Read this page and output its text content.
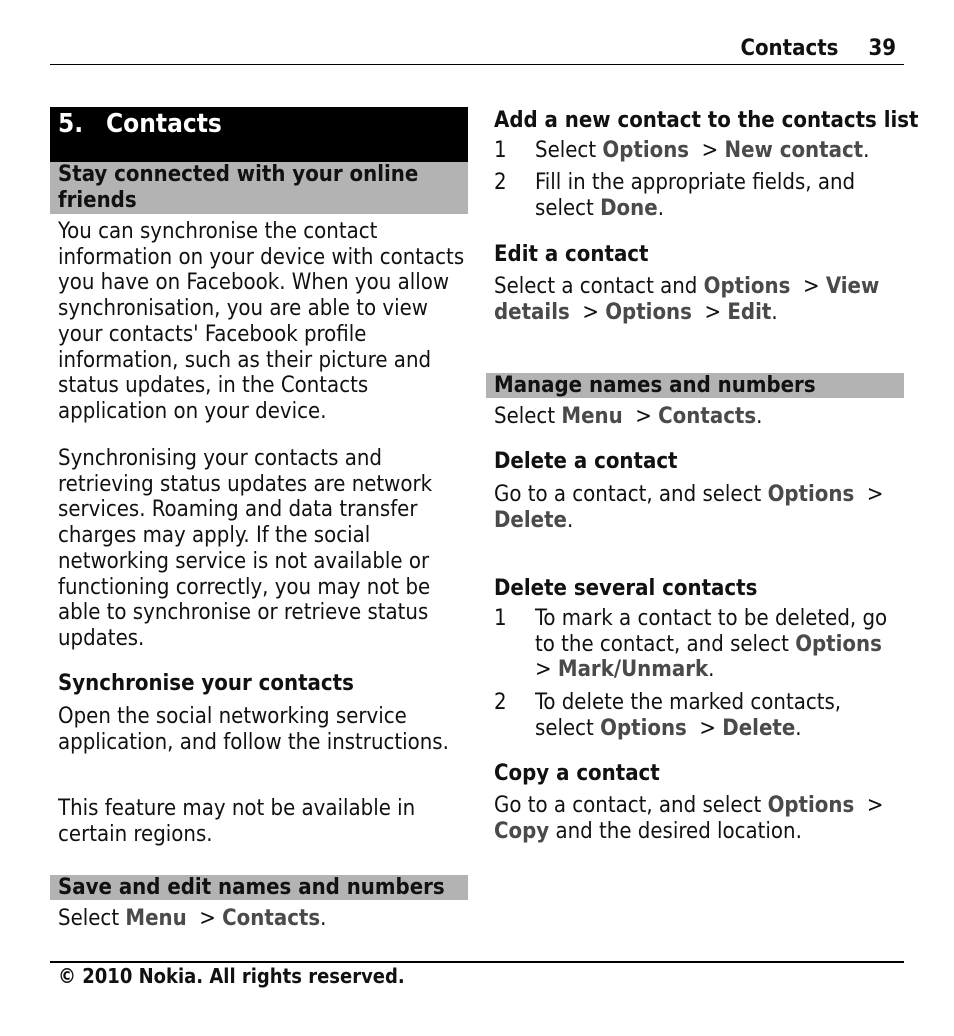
Contacts 39
5. Contacts
Stay connected with your online friends
You can synchronise the contact information on your device with contacts you have on Facebook. When you allow synchronisation, you are able to view your contacts' Facebook profile information, such as their picture and status updates, in the Contacts application on your device.
Synchronising your contacts and retrieving status updates are network services. Roaming and data transfer charges may apply. If the social networking service is not available or functioning correctly, you may not be able to synchronise or retrieve status updates.
Synchronise your contacts
Open the social networking service application, and follow the instructions.
This feature may not be available in certain regions.
Save and edit names and numbers
Select Menu  > Contacts.
Add a new contact to the contacts list
1 Select Options  > New contact.
2 Fill in the appropriate fields, and select Done.
Edit a contact
Select a contact and Options  > View details  > Options  > Edit.
Manage names and numbers
Select Menu  > Contacts.
Delete a contact
Go to a contact, and select Options  > Delete.
Delete several contacts
1 To mark a contact to be deleted, go to the contact, and select Options  > Mark/Unmark.
2 To delete the marked contacts, select Options  > Delete.
Copy a contact
Go to a contact, and select Options  > Copy and the desired location.
© 2010 Nokia. All rights reserved.
